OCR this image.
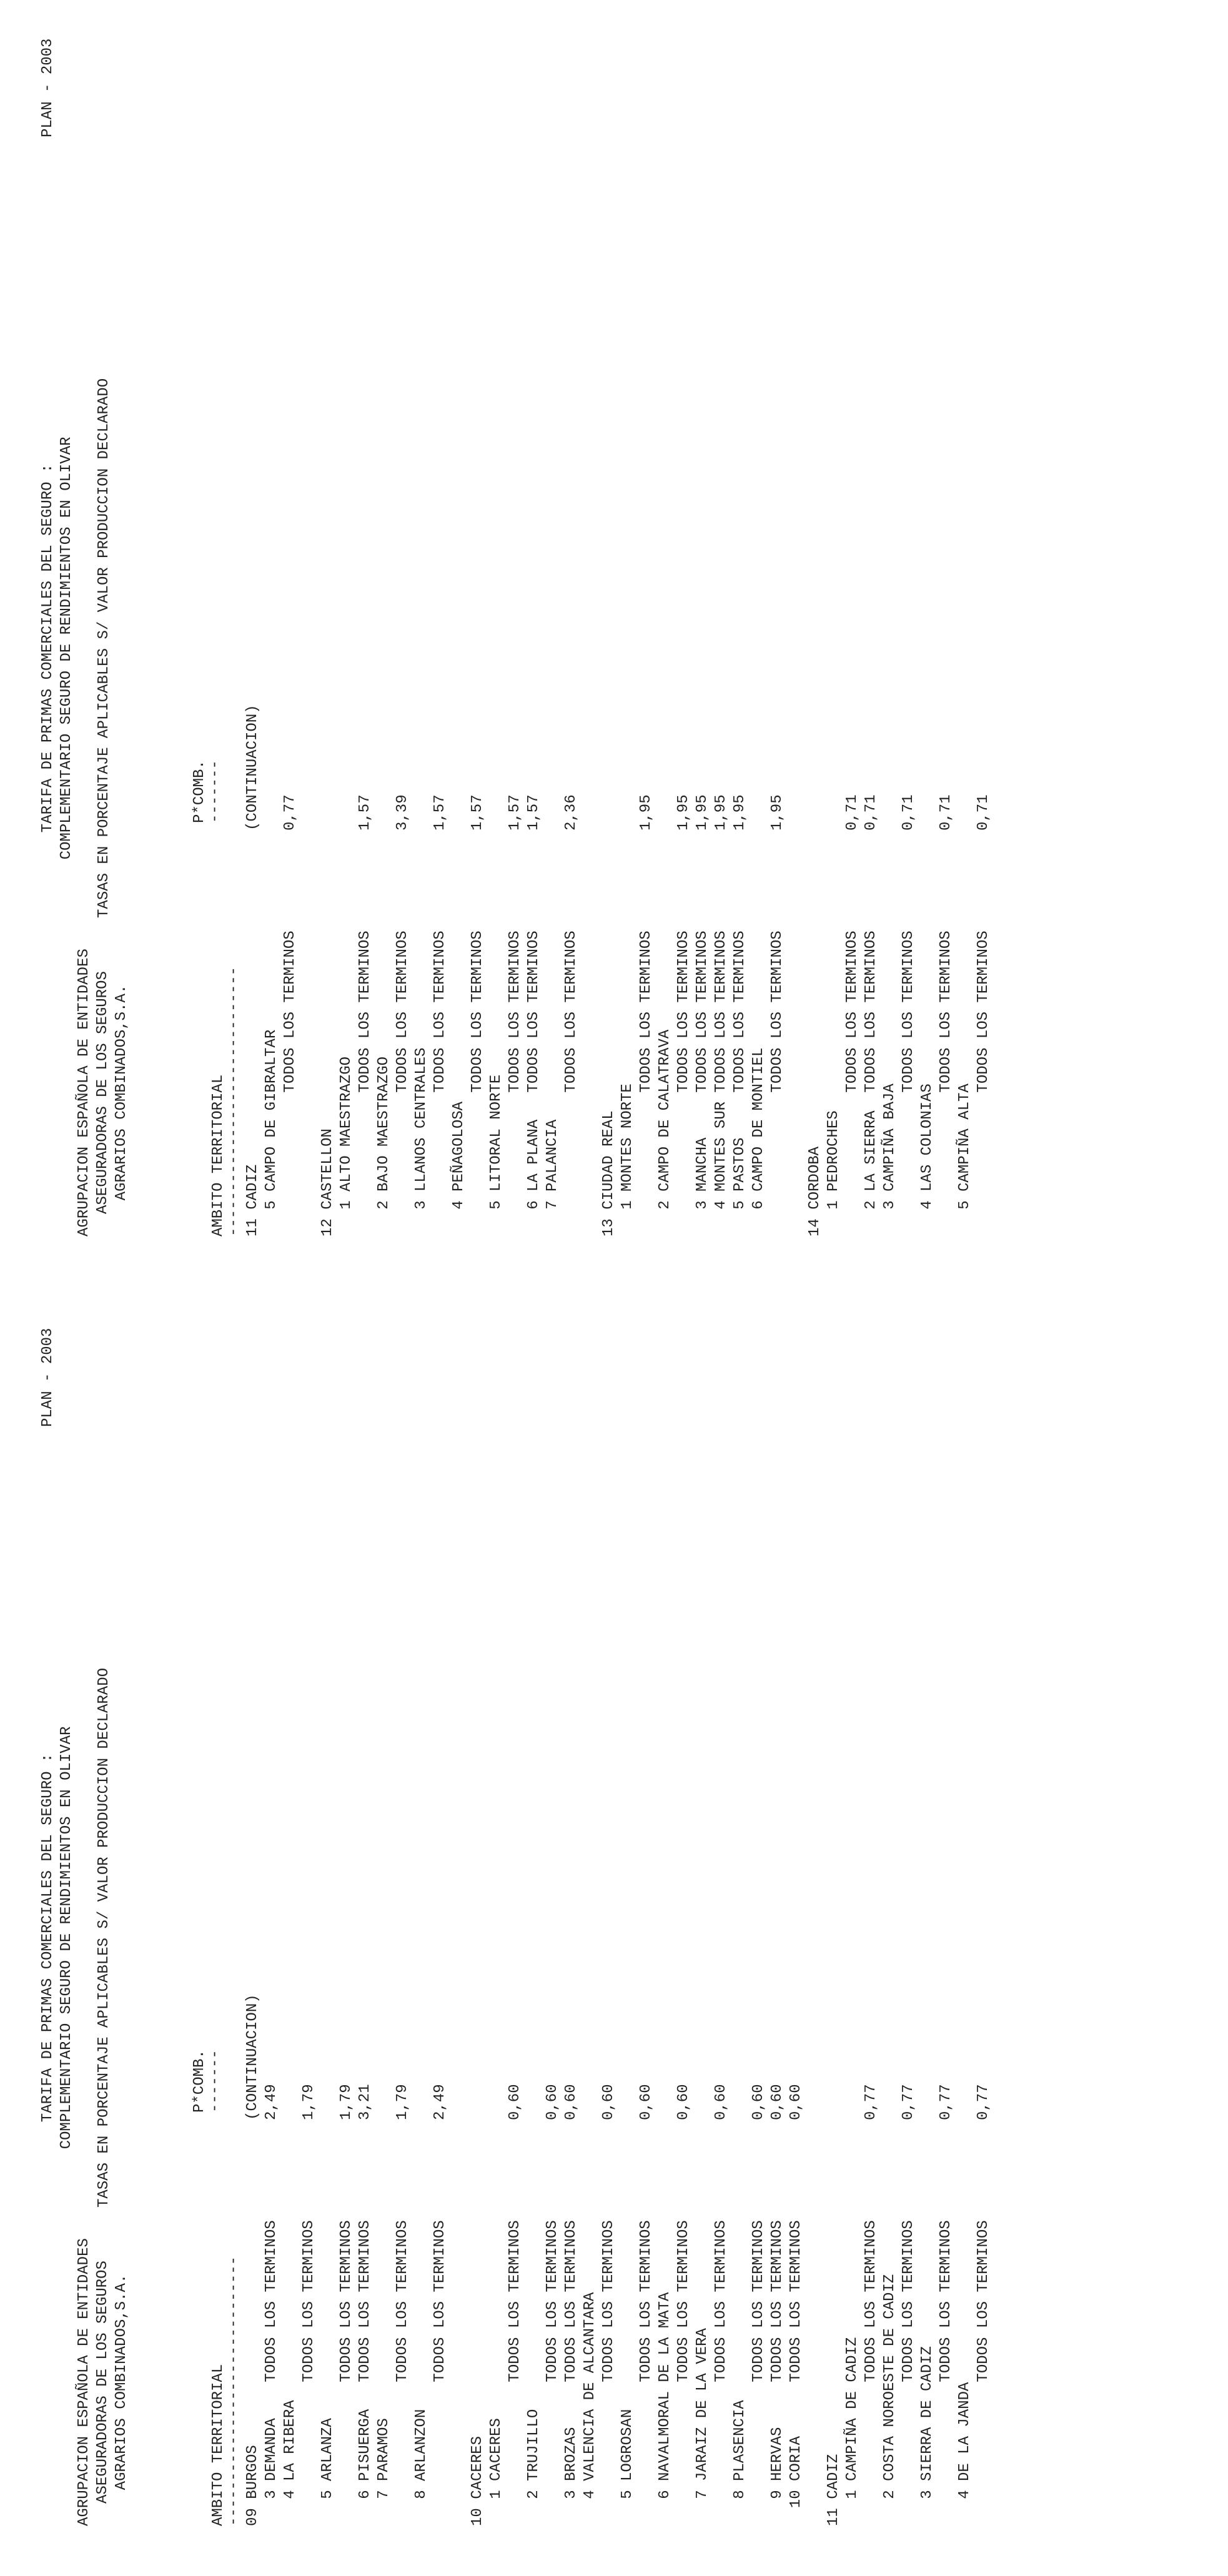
AGRUPACION ESPAÑOLA DE ENTIDADES ASEGURADORAS DE LOS SEGUROS AGRARIOS COMBINADOS,S.A.
TARIFA DE PRIMAS COMERCIALES DEL SEGURO : COMPLEMENTARIO SEGURO DE RENDIMIENTOS EN OLIVAR TASAS EN PORCENTAJE APLICABLES S/ VALOR PRODUCCION DECLARADO
PLAN - 2003
P*COMB.
-------
AMBITO TERRITORIAL
------------------------------
(CONTINUACION)
09 BURGOS 3 DEMANDA    TODOS LOS TERMINOS
2,49
4 LA RIBERA TODOS LOS TERMINOS
1,79
5 ARLANZA TODOS LOS TERMINOS
1,79
6 PISUERGA   TODOS LOS TERMINOS
3,21
7 PARAMOS TODOS LOS TERMINOS
1,79
8 ARLANZON TODOS LOS TERMINOS
2,49
10 CACERES 1 CACERES TODOS LOS TERMINOS
0,60
2 TRUJILLO TODOS LOS TERMINOS
0,60
3 BROZAS     TODOS LOS TERMINOS
0,60
4 VALENCIA DE ALCANTARA TODOS LOS TERMINOS
0,60
5 LOGROSAN TODOS LOS TERMINOS
0,60
6 NAVALMORAL DE LA MATA TODOS LOS TERMINOS
0,60
7 JARAIZ DE LA VERA TODOS LOS TERMINOS
0,60
8 PLASENCIA TODOS LOS TERMINOS
0,60
9 HERVAS     TODOS LOS TERMINOS
0,60
10 CORIA      TODOS LOS TERMINOS
0,60
11 CADIZ 1 CAMPIÑA DE CADIZ TODOS LOS TERMINOS
0,77
2 COSTA NOROESTE DE CADIZ TODOS LOS TERMINOS
0,77
3 SIERRA DE CADIZ TODOS LOS TERMINOS
0,77
4 DE LA JANDA TODOS LOS TERMINOS
0,77
AGRUPACION ESPAÑOLA DE ENTIDADES ASEGURADORAS DE LOS SEGUROS AGRARIOS COMBINADOS,S.A.
TARIFA DE PRIMAS COMERCIALES DEL SEGURO : COMPLEMENTARIO SEGURO DE RENDIMIENTOS EN OLIVAR TASAS EN PORCENTAJE APLICABLES S/ VALOR PRODUCCION DECLARADO
PLAN - 2003
P*COMB.
-------
AMBITO TERRITORIAL
------------------------------
(CONTINUACION)
11 CADIZ 5 CAMPO DE GIBRALTAR TODOS LOS TERMINOS
0,77
12 CASTELLON 1 ALTO MAESTRAZGO TODOS LOS TERMINOS
1,57
2 BAJO MAESTRAZGO TODOS LOS TERMINOS
3,39
3 LLANOS CENTRALES TODOS LOS TERMINOS
1,57
4 PEÑAGOLOSA TODOS LOS TERMINOS
1,57
5 LITORAL NORTE TODOS LOS TERMINOS
1,57
6 LA PLANA   TODOS LOS TERMINOS
1,57
7 PALANCIA TODOS LOS TERMINOS
2,36
13 CIUDAD REAL 1 MONTES NORTE TODOS LOS TERMINOS
1,95
2 CAMPO DE CALATRAVA TODOS LOS TERMINOS
1,95
3 MANCHA     TODOS LOS TERMINOS
1,95
4 MONTES SUR TODOS LOS TERMINOS
1,95
5 PASTOS     TODOS LOS TERMINOS
1,95
6 CAMPO DE MONTIEL TODOS LOS TERMINOS
1,95
14 CORDOBA 1 PEDROCHES TODOS LOS TERMINOS
0,71
2 LA SIERRA  TODOS LOS TERMINOS
0,71
3 CAMPIÑA BAJA TODOS LOS TERMINOS
0,71
4 LAS COLONIAS TODOS LOS TERMINOS
0,71
5 CAMPIÑA ALTA TODOS LOS TERMINOS
0,71
